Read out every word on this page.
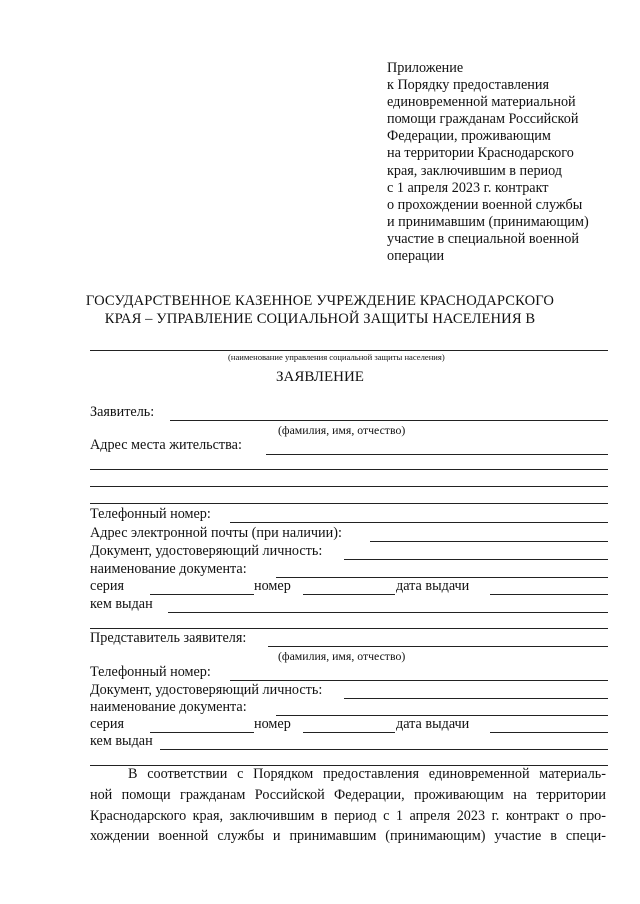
Приложение
к Порядку предоставления
единовременной материальной
помощи гражданам Российской
Федерации, проживающим
на территории Краснодарского
края, заключившим в период
с 1 апреля 2023 г. контракт
о прохождении военной службы
и принимавшим (принимающим)
участие в специальной военной
операции
ГОСУДАРСТВЕННОЕ КАЗЕННОЕ УЧРЕЖДЕНИЕ КРАСНОДАРСКОГО
КРАЯ – УПРАВЛЕНИЕ СОЦИАЛЬНОЙ ЗАЩИТЫ НАСЕЛЕНИЯ В
(наименование управления социальной защиты населения)
ЗАЯВЛЕНИЕ
Заявитель:
(фамилия, имя, отчество)
Адрес места жительства:
Телефонный номер:
Адрес электронной почты (при наличии):
Документ, удостоверяющий личность:
наименование документа:
серия	номер	дата выдачи
кем выдан
Представитель заявителя:
(фамилия, имя, отчество)
Телефонный номер:
Документ, удостоверяющий личность:
наименование документа:
серия	номер	дата выдачи
кем выдан
В соответствии с Порядком предоставления единовременной материаль-
ной помощи гражданам Российской Федерации, проживающим на территории
Краснодарского края, заключившим в период с 1 апреля 2023 г. контракт о про-
хождении военной службы и принимавшим (принимающим) участие в специ-
